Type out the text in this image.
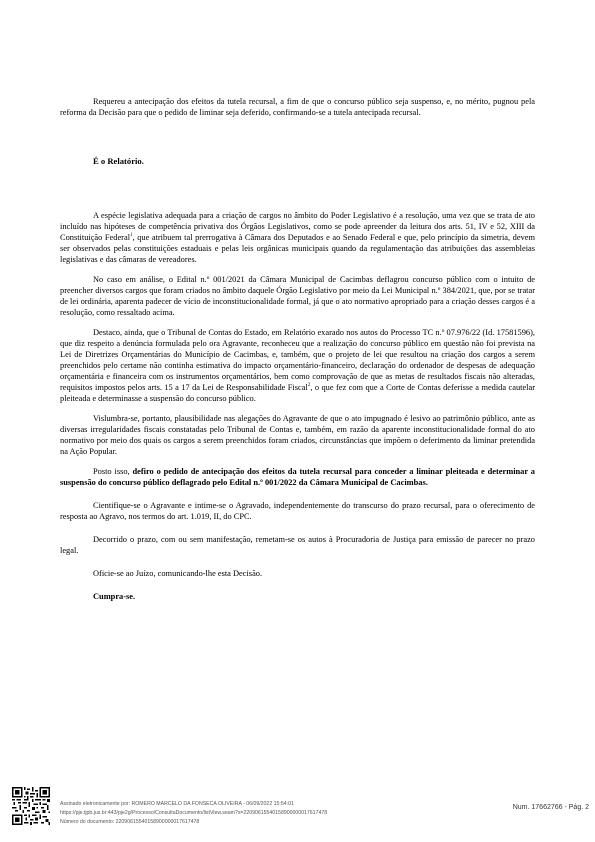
Requereu a antecipação dos efeitos da tutela recursal, a fim de que o concurso público seja suspenso, e, no mérito, pugnou pela reforma da Decisão para que o pedido de liminar seja deferido, confirmando-se a tutela antecipada recursal.

É o Relatório.

A espécie legislativa adequada para a criação de cargos no âmbito do Poder Legislativo é a resolução, uma vez que se trata de ato incluído nas hipóteses de competência privativa dos Órgãos Legislativos, como se pode apreender da leitura dos arts. 51, IV e 52, XIII da Constituição Federal$^1$, que atribuem tal prerrogativa à Câmara dos Deputados e ao Senado Federal e que, pelo princípio da simetria, devem ser observados pelas constituições estaduais e pelas leis orgânicas municipais quando da regulamentação das atribuições das assembleias legislativas e das câmaras de vereadores.

No caso em análise, o Edital n.º 001/2021 da Câmara Municipal de Cacimbas deflagrou concurso público com o intuito de preencher diversos cargos que foram criados no âmbito daquele Órgão Legislativo por meio da Lei Municipal n.º 384/2021, que, por se tratar de lei ordinária, aparenta padecer de vício de inconstitucionalidade formal, já que o ato normativo apropriado para a criação desses cargos é a resolução, como ressaltado acima.

Destaco, ainda, que o Tribunal de Contas do Estado, em Relatório exarado nos autos do Processo TC n.º 07.976/22 (Id. 17581596), que diz respeito a denúncia formulada pelo ora Agravante, reconheceu que a realização do concurso público em questão não foi prevista na Lei de Diretrizes Orçamentárias do Município de Cacimbas, e, também, que o projeto de lei que resultou na criação dos cargos a serem preenchidos pelo certame não continha estimativa do impacto orçamentário-financeiro, declaração do ordenador de despesas de adequação orçamentária e financeira com os instrumentos orçamentários, bem como comprovação de que as metas de resultados fiscais não alteradas, requisitos impostos pelos arts. 15 a 17 da Lei de Responsabilidade Fiscal$^2$, o que fez com que a Corte de Contas deferisse a medida cautelar pleiteada e determinasse a suspensão do concurso público.

Vislumbra-se, portanto, plausibilidade nas alegações do Agravante de que o ato impugnado é lesivo ao patrimônio público, ante as diversas irregularidades fiscais constatadas pelo Tribunal de Contas e, também, em razão da aparente inconstitucionalidade formal do ato normativo por meio dos quais os cargos a serem preenchidos foram criados, circunstâncias que impõem o deferimento da liminar pretendida na Ação Popular.

Posto isso, defiro o pedido de antecipação dos efeitos da tutela recursal para conceder a liminar pleiteada e determinar a suspensão do concurso público deflagrado pelo Edital n.º 001/2022 da Câmara Municipal de Cacimbas.

Cientifique-se o Agravante e intime-se o Agravado, independentemente do transcurso do prazo recursal, para o oferecimento de resposta ao Agravo, nos termos do art. 1.019, II, do CPC.

Decorrido o prazo, com ou sem manifestação, remetam-se os autos à Procuradoria de Justiça para emissão de parecer no prazo legal.

Oficie-se ao Juízo, comunicando-lhe esta Decisão.

Cumpra-se.

Assinado eletronicamente por: ROMERO MARCELO DA FONSECA OLIVEIRA - 06/09/2022 15:54:01
https://pje.tjpb.jus.br:443/pje2g/Processo/ConsultaDocumento/listView.seam?x=22090615540158900000017617478
Número do documento: 22090615540158900000017617478
Num. 17662766 - Pág. 2
